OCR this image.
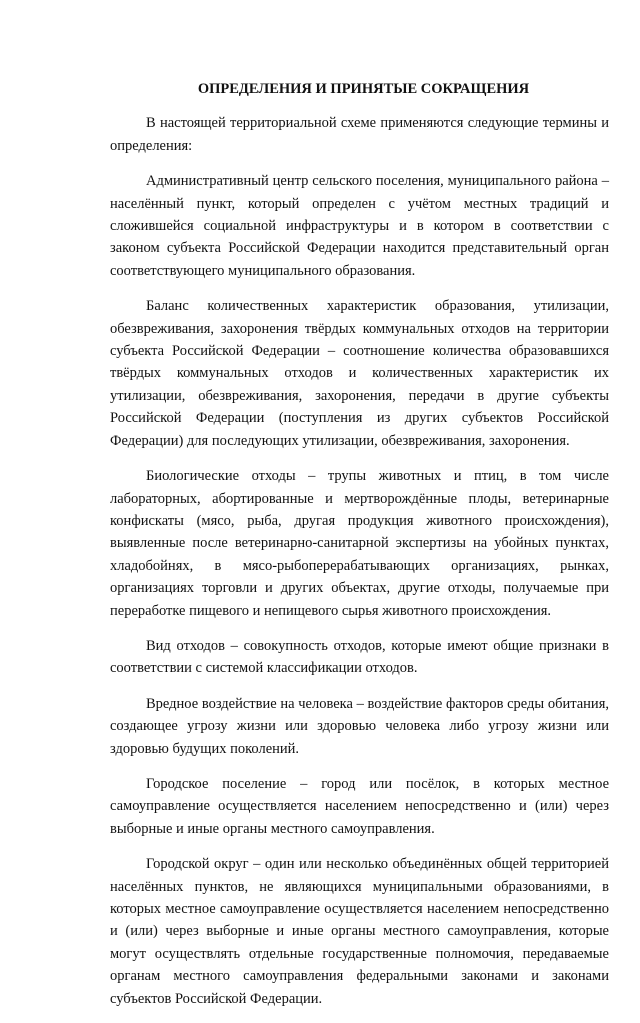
ОПРЕДЕЛЕНИЯ И ПРИНЯТЫЕ СОКРАЩЕНИЯ

В настоящей территориальной схеме применяются следующие термины и определения:

Административный центр сельского поселения, муниципального района – населённый пункт, который определен с учётом местных традиций и сложившейся социальной инфраструктуры и в котором в соответствии с законом субъекта Российской Федерации находится представительный орган соответствующего муниципального образования.

Баланс количественных характеристик образования, утилизации, обезвреживания, захоронения твёрдых коммунальных отходов на территории субъекта Российской Федерации – соотношение количества образовавшихся твёрдых коммунальных отходов и количественных характеристик их утилизации, обезвреживания, захоронения, передачи в другие субъекты Российской Федерации (поступления из других субъектов Российской Федерации) для последующих утилизации, обезвреживания, захоронения.

Биологические отходы – трупы животных и птиц, в том числе лабораторных, абортированные и мертворождённые плоды, ветеринарные конфискаты (мясо, рыба, другая продукция животного происхождения), выявленные после ветеринарно-санитарной экспертизы на убойных пунктах, хладобойнях, в мясо-рыбоперерабатывающих организациях, рынках, организациях торговли и других объектах, другие отходы, получаемые при переработке пищевого и непищевого сырья животного происхождения.

Вид отходов – совокупность отходов, которые имеют общие признаки в соответствии с системой классификации отходов.

Вредное воздействие на человека – воздействие факторов среды обитания, создающее угрозу жизни или здоровью человека либо угрозу жизни или здоровью будущих поколений.

Городское поселение – город или посёлок, в которых местное самоуправление осуществляется населением непосредственно и (или) через выборные и иные органы местного самоуправления.

Городской округ – один или несколько объединённых общей территорией населённых пунктов, не являющихся муниципальными образованиями, в которых местное самоуправление осуществляется населением непосредственно и (или) через выборные и иные органы местного самоуправления, которые могут осуществлять отдельные государственные полномочия, передаваемые органам местного самоуправления федеральными законами и законами субъектов Российской Федерации.
